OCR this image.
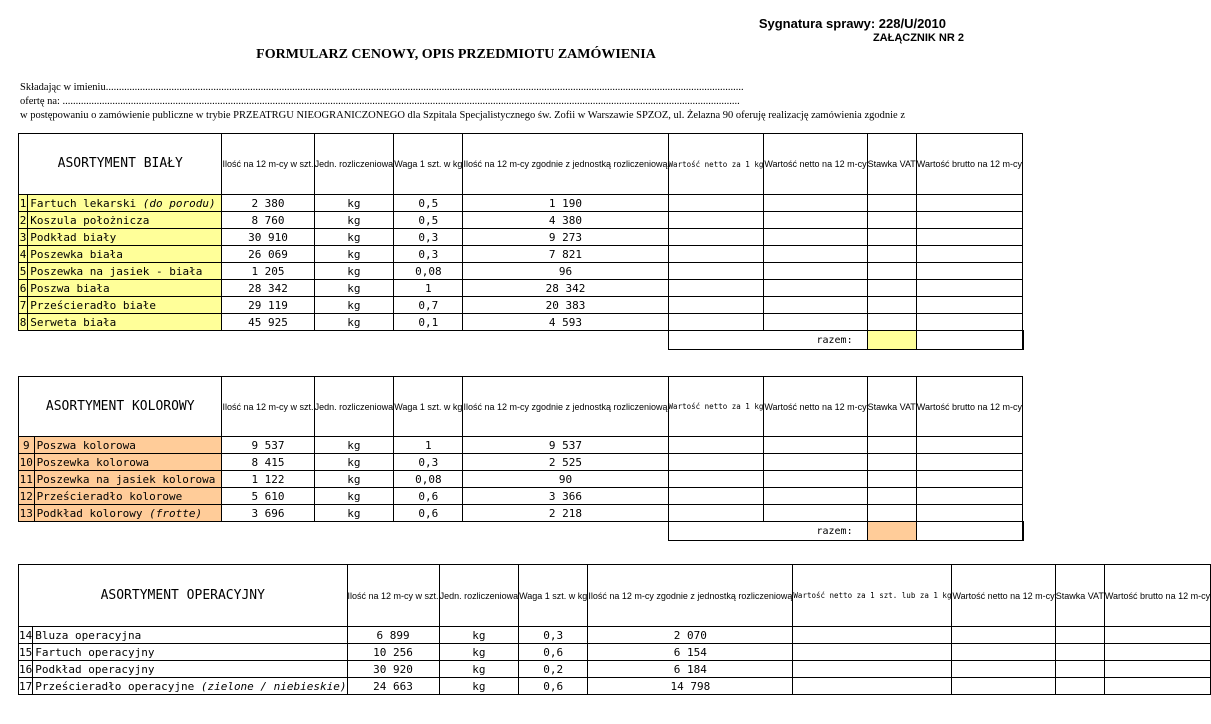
Sygnatura sprawy: 228/U/2010
ZAŁĄCZNIK NR 2
FORMULARZ CENOWY, OPIS PRZEDMIOTU ZAMÓWIENIA
Składając w imieniu...................................................................................................................................................................................................................................................
ofertę na: ..................................................................................................................................................................................................................................................................
w postępowaniu o zamówienie publiczne w trybie PRZEATRGU NIEOGRANICZONEGO dla Szpitala Specjalistycznego św. Zofii w Warszawie SPZOZ, ul. Żelazna 90 oferuję realizację zamówienia zgodnie z
ASORTYMENT BIAŁY		Ilość na 12 m-cy w szt.	Jedn. rozliczeniowa	Waga 1 szt. w kg	Ilość na 12 m-cy zgodnie z jednostką rozliczeniową	Wartość netto za 1 kg	Wartość netto na 12 m-cy	Stawka VAT	Wartość brutto na 12 m-cy	
1	Fartuch lekarski (do porodu)	2 380	kg	0,5	1 190					
2	Koszula położnicza	8 760	kg	0,5	4 380					
3	Podkład biały	30 910	kg	0,3	9 273					
4	Poszewka biała	26 069	kg	0,3	7 821					
5	Poszewka na jasiek - biała	1 205	kg	0,08	96					
6	Poszwa biała	28 342	kg	1	28 342					
7	Prześcieradło białe	29 119	kg	0,7	20 383					
8	Serweta biała	45 925	kg	0,1	4 593					
						razem:				
ASORTYMENT KOLOROWY		Ilość na 12 m-cy w szt.	Jedn. rozliczeniowa	Waga 1 szt. w kg	Ilość na 12 m-cy zgodnie z jednostką rozliczeniową	Wartość netto za 1 kg	Wartość netto na 12 m-cy	Stawka VAT	Wartość brutto na 12 m-cy	
9	Poszwa kolorowa	9 537	kg	1	9 537					
10	Poszewka kolorowa	8 415	kg	0,3	2 525					
11	Poszewka na jasiek kolorowa	1 122	kg	0,08	90					
12	Prześcieradło kolorowe	5 610	kg	0,6	3 366					
13	Podkład kolorowy (frotte)	3 696	kg	0,6	2 218					
						razem:				
ASORTYMENT OPERACYJNY		Ilość na 12 m-cy w szt.	Jedn. rozliczeniowa	Waga 1 szt. w kg	Ilość na 12 m-cy zgodnie z jednostką rozliczeniową	Wartość netto za 1 szt. lub za 1 kg	Wartość netto na 12 m-cy	Stawka VAT	Wartość brutto na 12 m-cy
14	Bluza operacyjna	6 899	kg	0,3	2 070				
15	Fartuch operacyjny	10 256	kg	0,6	6 154				
16	Podkład operacyjny	30 920	kg	0,2	6 184				
17	Prześcieradło operacyjne (zielone / niebieskie)	24 663	kg	0,6	14 798				
